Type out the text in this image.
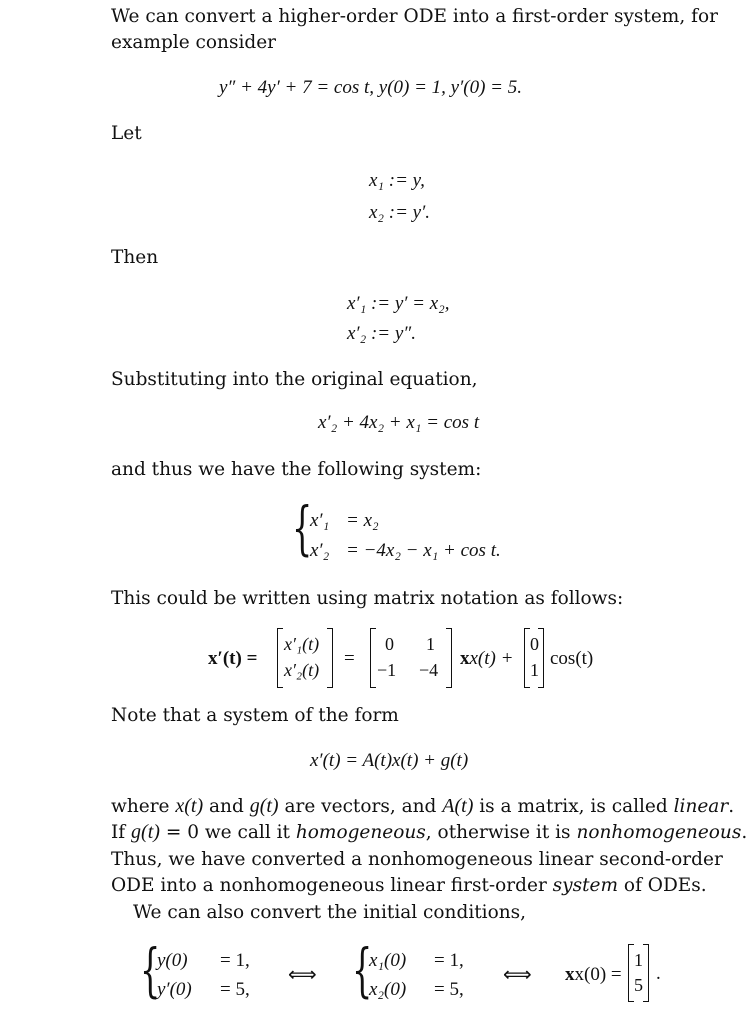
We can convert a higher-order ODE into a first-order system, for
example consider
y″ + 4y′ + 7 = cos t, y(0) = 1, y′(0) = 5.
Let
x₁ := y,
x₂ := y′.
Then
x′₁ := y′ = x₂,
x′₂ := y″.
Substituting into the original equation,
x′₂ + 4x₂ + x₁ = cos t
and thus we have the following system:
{
x′₁ = x₂
x′₂ = −4x₂ − x₁ + cos t.
This could be written using matrix notation as follows:
x′(t) =
x′₁(t)
x′₂(t)
=
0 1
−1 −4
xx(t) +
0
1
cos(t)
Note that a system of the form
x′(t) = A(t)x(t) + g(t)
where x(t) and g(t) are vectors, and A(t) is a matrix, is called linear.
If g(t) = 0 we call it homogeneous, otherwise it is nonhomogeneous.
Thus, we have converted a nonhomogeneous linear second-order
ODE into a nonhomogeneous linear first-order system of ODEs.
We can also convert the initial conditions,
{
y(0) = 1,
y′(0) = 5,
⟺ {
x₁(0) = 1,
x₂(0) = 5,
⟺ xx(0) =
1
5
.
